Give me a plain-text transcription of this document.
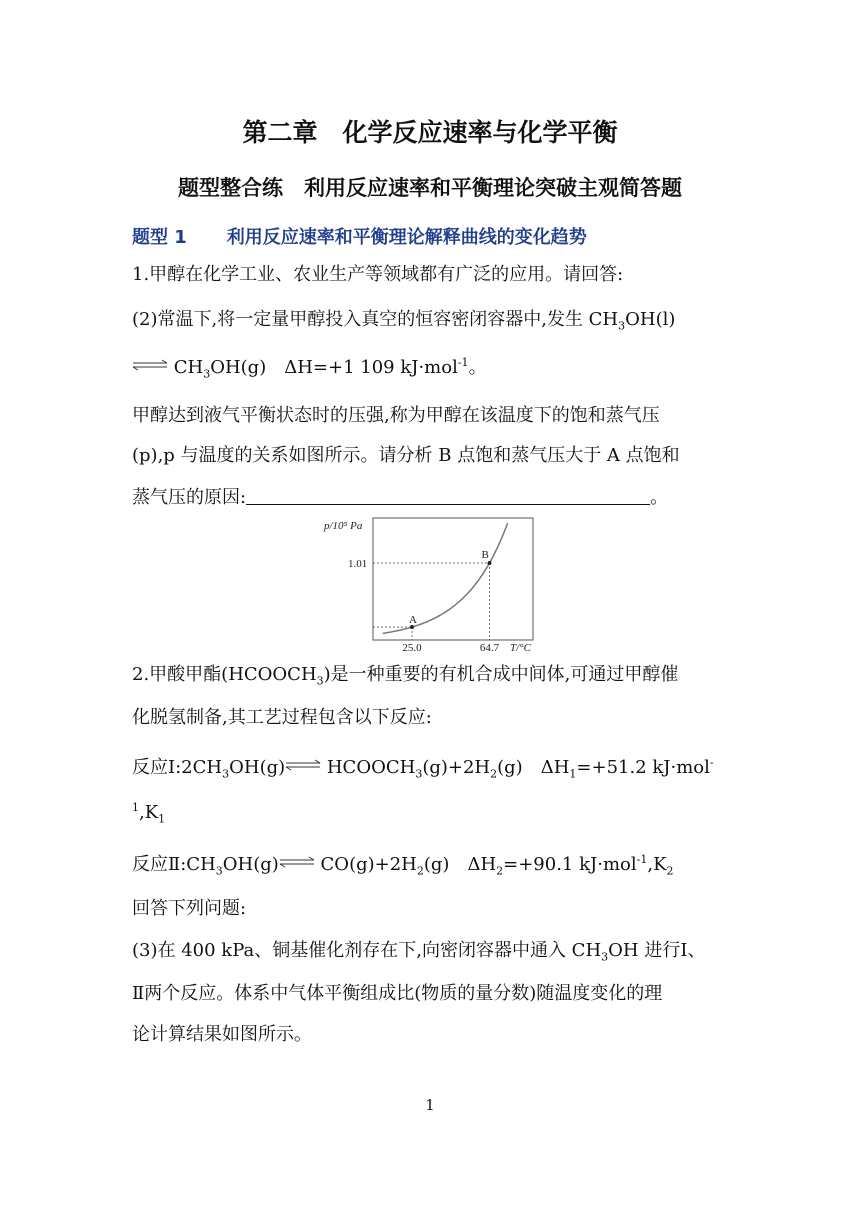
第二章　化学反应速率与化学平衡
题型整合练　利用反应速率和平衡理论突破主观简答题
题型 1 利用反应速率和平衡理论解释曲线的变化趋势
1.甲醇在化学工业、农业生产等领域都有广泛的应用。请回答:
(2)常温下,将一定量甲醇投入真空的恒容密闭容器中,发生 $CH_3OH(l)$
⇌ $CH_3OH(g)$　ΔH=+1 109 kJ·mol$^{-1}$。
甲醇达到液气平衡状态时的压强,称为甲醇在该温度下的饱和蒸气压
(p),p 与温度的关系如图所示。请分析 B 点饱和蒸气压大于 A 点饱和
蒸气压的原因:	。
A
B
p/10⁵ Pa
1.01
25.0	64.7 T/°C
2.甲酸甲酯$(HCOOCH_3)$是一种重要的有机合成中间体,可通过甲醇催
化脱氢制备,其工艺过程包含以下反应:
反应$Ⅰ:2CH_3OH(g)\rightleftharpoons$ $HCOOCH_3(g)+2H_2(g)$　$\Delta H_1=+51.2$ kJ·mol-
$^1,K_1$
反应$Ⅱ:CH_3OH(g)\rightleftharpoons$ $CO(g)+2H_2(g)$　$\Delta H_2=+90.1$ $kJ\cdot mol^{-1},K_2$
回答下列问题:
(3)在 400 kPa、铜基催化剂存在下,向密闭容器中通入 $CH_3OH$ 进行Ⅰ、
Ⅱ两个反应。体系中气体平衡组成比(物质的量分数)随温度变化的理
论计算结果如图所示。
1
